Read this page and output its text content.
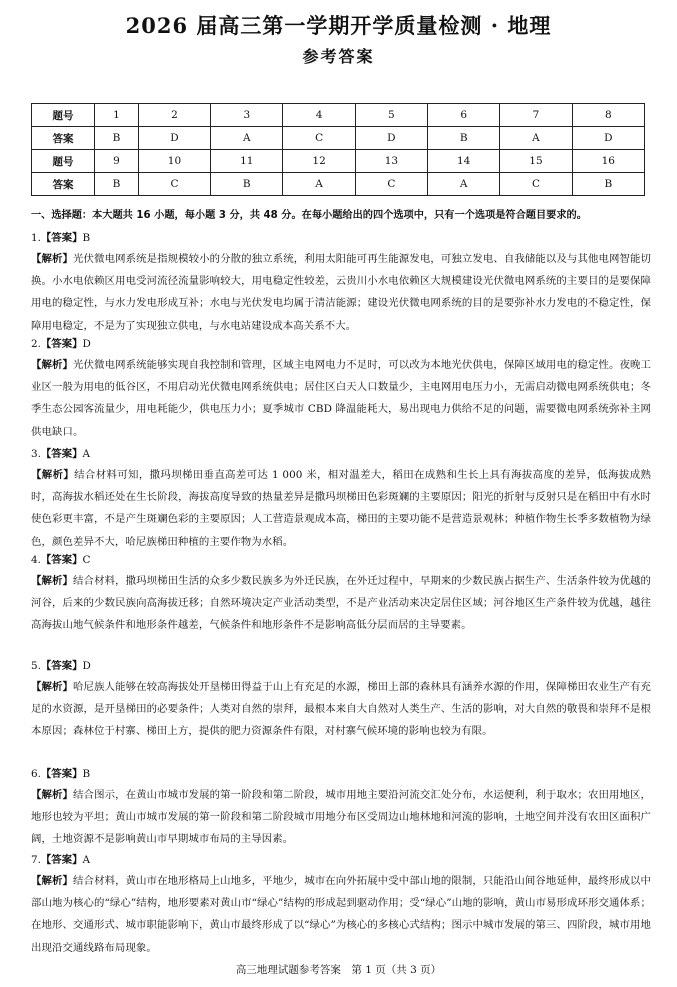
2026 届高三第一学期开学质量检测 · 地理
参考答案
题号	1	2	3	4	5	6	7	8
答案	B	D	A	C	D	B	A	D
题号	9	10	11	12	13	14	15	16
答案	B	C	B	A	C	A	C	B
一、选择题：本大题共 16 小题，每小题 3 分，共 48 分。在每小题给出的四个选项中，只有一个选项是符合题目要求的。
1.【答案】B
【解析】光伏微电网系统是指规模较小的分散的独立系统，利用太阳能可再生能源发电，可独立发电、自我储能以及与其他电网智能切换。小水电依赖区用电受河流径流量影响较大，用电稳定性较差，云贵川小水电依赖区大规模建设光伏微电网系统的主要目的是要保障用电的稳定性，与水力发电形成互补；水电与光伏发电均属于清洁能源；建设光伏微电网系统的目的是要弥补水力发电的不稳定性，保障用电稳定，不是为了实现独立供电，与水电站建设成本高关系不大。
2.【答案】D
【解析】光伏微电网系统能够实现自我控制和管理，区域主电网电力不足时，可以改为本地光伏供电，保障区域用电的稳定性。夜晚工业区一般为用电的低谷区，不用启动光伏微电网系统供电；居住区白天人口数量少，主电网用电压力小，无需启动微电网系统供电；冬季生态公园客流量少，用电耗能少，供电压力小；夏季城市 CBD 降温能耗大，易出现电力供给不足的问题，需要微电网系统弥补主网供电缺口。
3.【答案】A
【解析】结合材料可知，撒玛坝梯田垂直高差可达 1 000 米，相对温差大，稻田在成熟和生长上具有海拔高度的差异，低海拔成熟时，高海拔水稻还处在生长阶段，海拔高度导致的热量差异是撒玛坝梯田色彩斑斓的主要原因；阳光的折射与反射只是在稻田中有水时使色彩更丰富，不是产生斑斓色彩的主要原因；人工营造景观成本高，梯田的主要功能不是营造景观林；种植作物生长季多数植物为绿色，颜色差异不大，哈尼族梯田种植的主要作物为水稻。
4.【答案】C
【解析】结合材料，撒玛坝梯田生活的众多少数民族多为外迁民族，在外迁过程中，早期来的少数民族占据生产、生活条件较为优越的河谷，后来的少数民族向高海拔迁移；自然环境决定产业活动类型，不是产业活动来决定居住区域；河谷地区生产条件较为优越，越往高海拔山地气候条件和地形条件越差，气候条件和地形条件不是影响高低分层而居的主导要素。
5.【答案】D
【解析】哈尼族人能够在较高海拔处开垦梯田得益于山上有充足的水源，梯田上部的森林具有涵养水源的作用，保障梯田农业生产有充足的水资源，是开垦梯田的必要条件；人类对自然的崇拜，最根本来自大自然对人类生产、生活的影响，对大自然的敬畏和崇拜不是根本原因；森林位于村寨、梯田上方，提供的肥力资源条件有限，对村寨气候环境的影响也较为有限。
6.【答案】B
【解析】结合图示，在黄山市城市发展的第一阶段和第二阶段，城市用地主要沿河流交汇处分布，水运便利，利于取水；农田用地区，地形也较为平坦；黄山市城市发展的第一阶段和第二阶段城市用地分布区受周边山地林地和河流的影响，土地空间并没有农田区面积广阔，土地资源不是影响黄山市早期城市布局的主导因素。
7.【答案】A
【解析】结合材料，黄山市在地形格局上山地多，平地少，城市在向外拓展中受中部山地的限制，只能沿山间谷地延伸，最终形成以中部山地为核心的“绿心”结构，地形要素对黄山市“绿心”结构的形成起到驱动作用；受“绿心”山地的影响，黄山市易形成环形交通体系；在地形、交通形式、城市职能影响下，黄山市最终形成了以“绿心”为核心的多核心式结构；图示中城市发展的第三、四阶段，城市用地出现沿交通线路布局现象。
高三地理试题参考答案　第 1 页（共 3 页）
